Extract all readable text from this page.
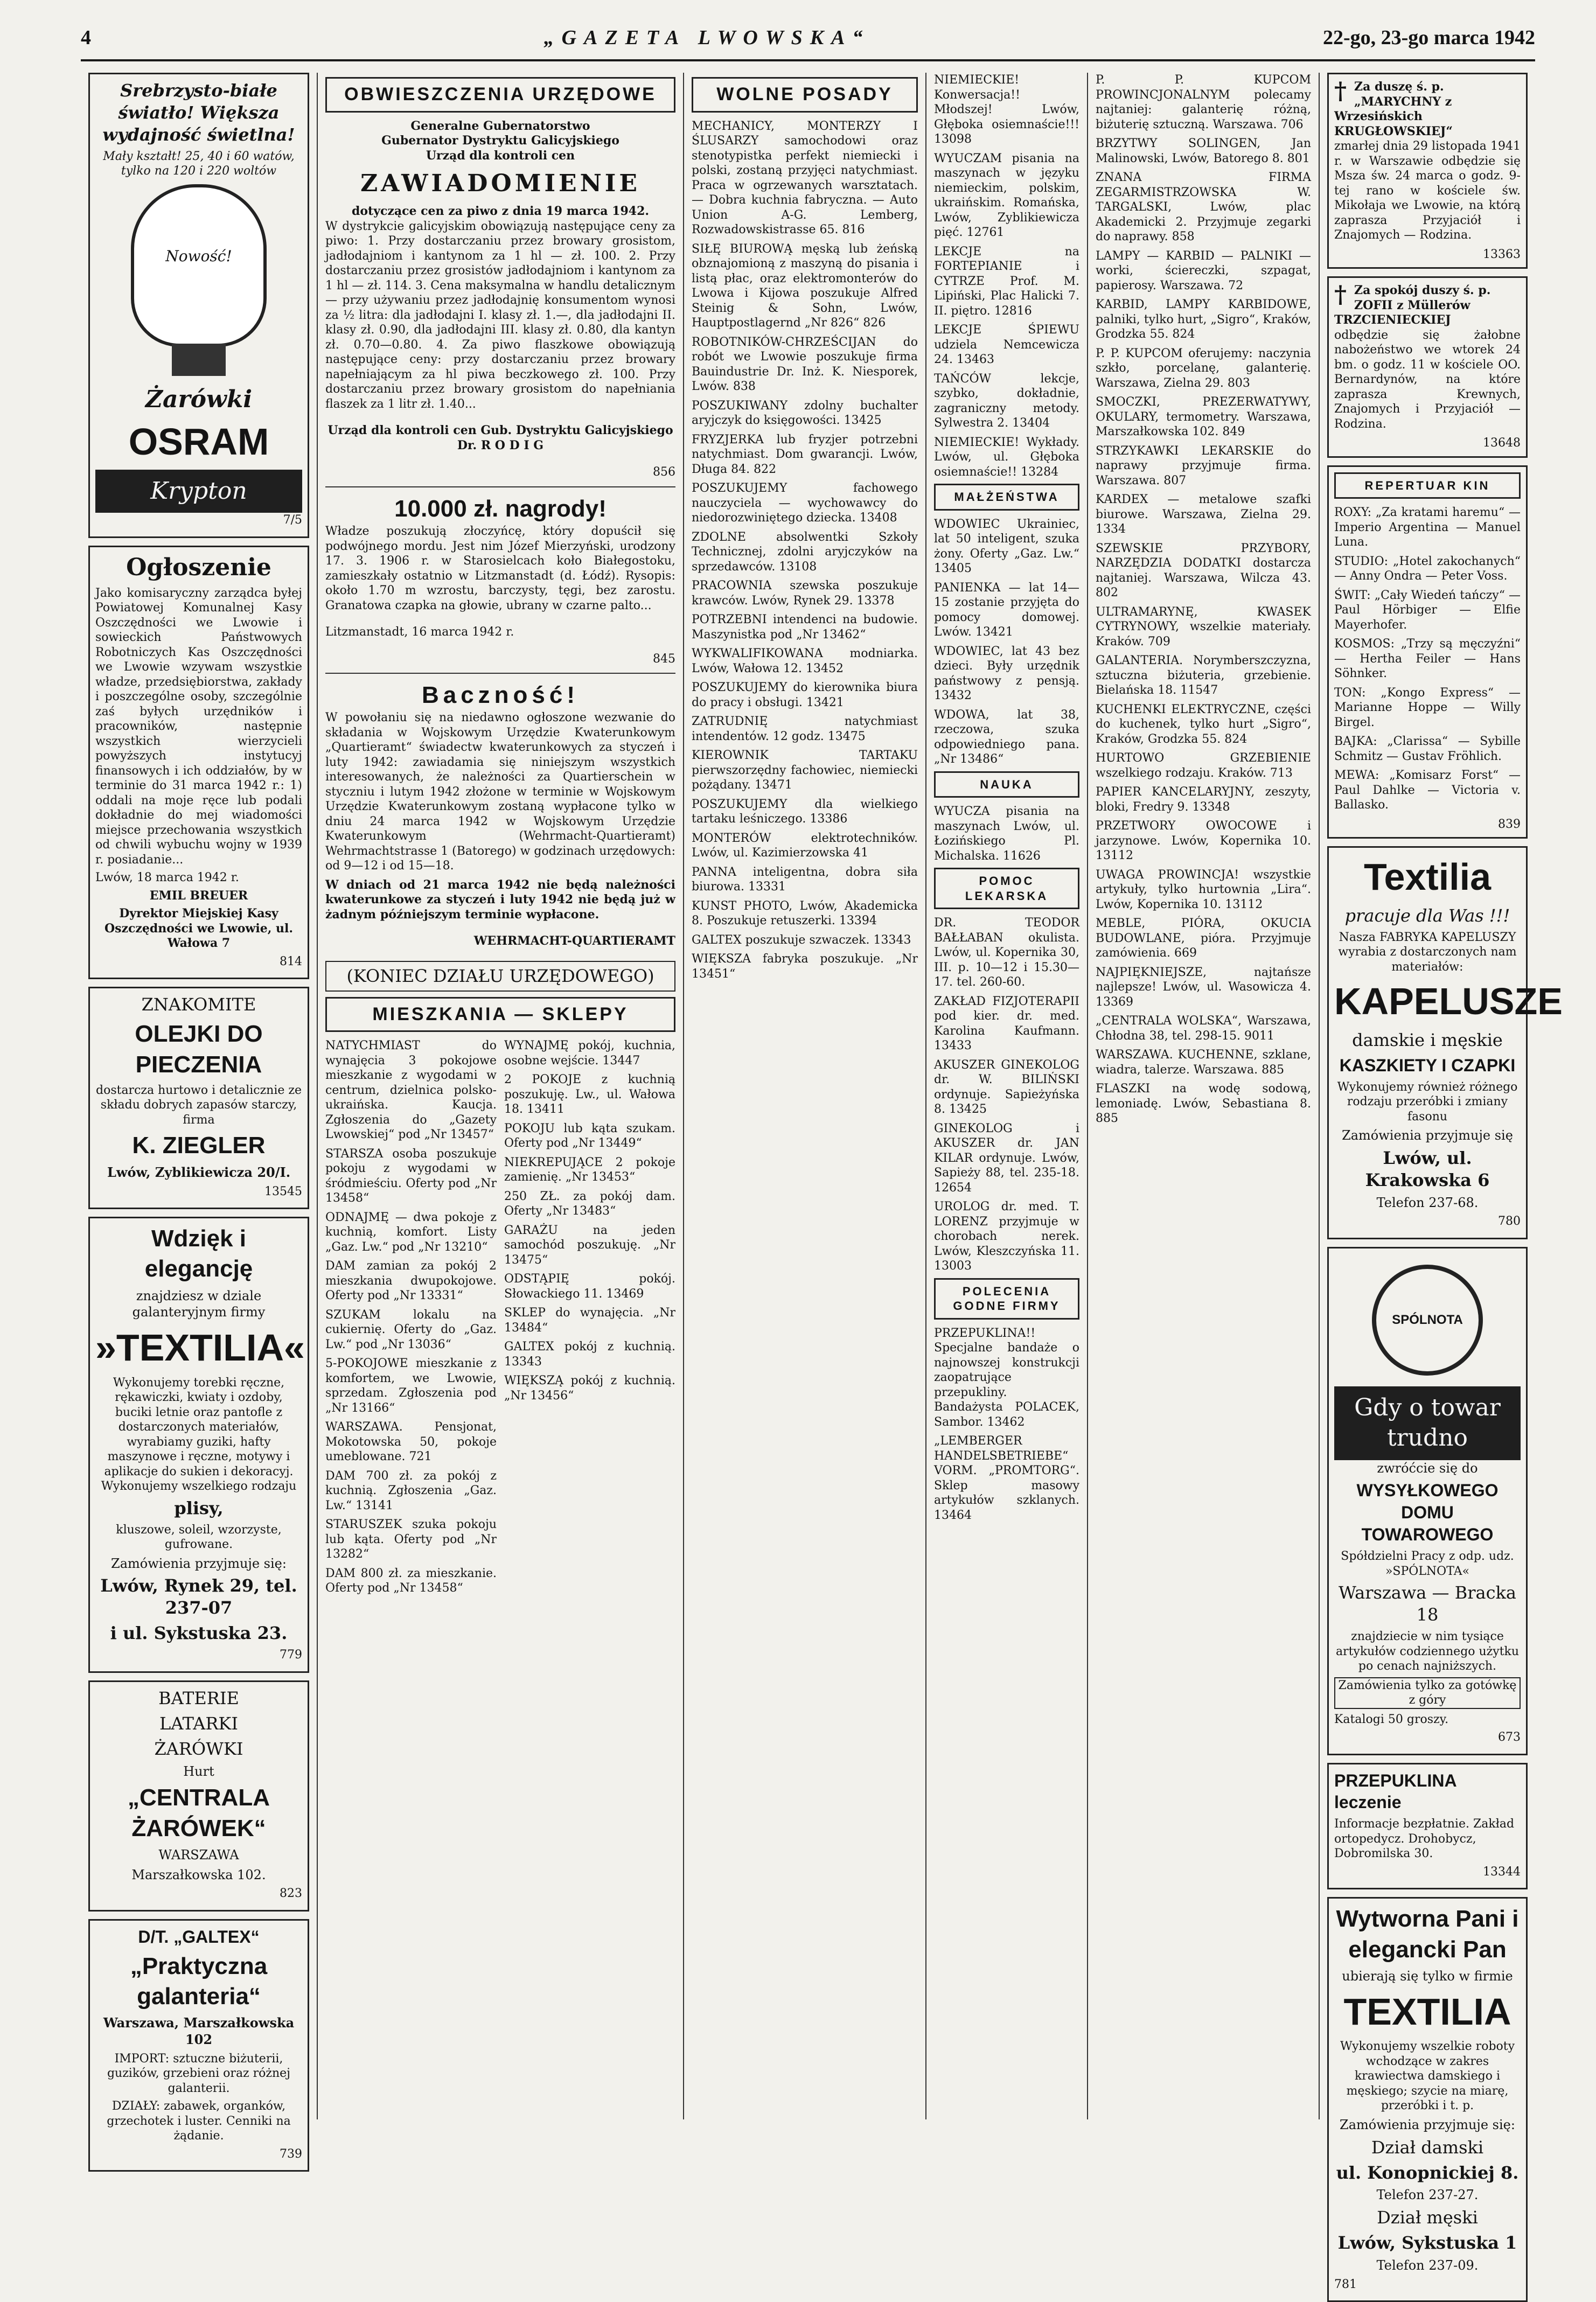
4	„GAZETA LWOWSKA“	22-go, 23-go marca 1942

Srebrzysto-białe światło! Większa wydajność świetlna!

Mały kształt! 25, 40 i 60 watów, tylko na 120 i 220 woltów

Nowość!

Żarówki

OSRAM

Krypton

7/5

Ogłoszenie

Jako komisaryczny zarządca byłej Powiatowej Komunalnej Kasy Oszczędności we Lwowie i sowieckich Państwowych Robotniczych Kas Oszczędności we Lwowie wzywam wszystkie władze, przedsiębiorstwa, zakłady i poszczególne osoby, szczególnie zaś byłych urzędników i pracowników, następnie wszystkich wierzycieli powyższych instytucyj finansowych i ich oddziałów, by w terminie do 31 marca 1942 r.: 1) oddali na moje ręce lub podali dokładnie do mej wiadomości miejsce przechowania wszystkich od chwili wybuchu wojny w 1939 r. posiadanie...

Lwów, 18 marca 1942 r.

EMIL BREUER

Dyrektor Miejskiej Kasy Oszczędności we Lwowie, ul. Wałowa 7

814

ZNAKOMITE

OLEJKI DO PIECZENIA

dostarcza hurtowo i detalicznie ze składu dobrych zapasów starczy, firma

K. ZIEGLER

Lwów, Zyblikiewicza 20/I.

13545

Wdzięk i elegancję

znajdziesz w dziale galanteryjnym firmy

»TEXTILIA«

Wykonujemy torebki ręczne, rękawiczki, kwiaty i ozdoby, buciki letnie oraz pantofle z dostarczonych materiałów, wyrabiamy guziki, hafty maszynowe i ręczne, motywy i aplikacje do sukien i dekoracyj. Wykonujemy wszelkiego rodzaju

plisy,

kluszowe, soleil, wzorzyste, gufrowane.

Zamówienia przyjmuje się:

Lwów, Rynek 29, tel. 237-07

i ul. Sykstuska 23.

779

BATERIE

LATARKI

ŻARÓWKI

Hurt

„CENTRALA ŻARÓWEK“

WARSZAWA

Marszałkowska 102.

823

D/T. „GALTEX“

„Praktyczna galanteria“

Warszawa, Marszałkowska 102

IMPORT: sztuczne biżuterii, guzików, grzebieni oraz różnej galanterii.

DZIAŁY: zabawek, organków, grzechotek i luster. Cenniki na żądanie.

739

OBWIESZCZENIA URZĘDOWE
Generalne Gubernatorstwo
Gubernator Dystryktu Galicyjskiego
Urząd dla kontroli cen
ZAWIADOMIENIE
dotyczące cen za piwo z dnia 19 marca 1942.

W dystrykcie galicyjskim obowiązują następujące ceny za piwo: 1. Przy dostarczaniu przez browary grosistom, jadłodajniom i kantynom za 1 hl — zł. 100. 2. Przy dostarczaniu przez grosistów jadłodajniom i kantynom za 1 hl — zł. 114. 3. Cena maksymalna w handlu detalicznym — przy używaniu przez jadłodajnię konsumentom wynosi za ½ litra: dla jadłodajni I. klasy zł. 1.—, dla jadłodajni II. klasy zł. 0.90, dla jadłodajni III. klasy zł. 0.80, dla kantyn zł. 0.70—0.80. 4. Za piwo flaszkowe obowiązują następujące ceny: przy dostarczaniu przez browary napełniającym za hl piwa beczkowego zł. 100. Przy dostarczaniu przez browary grosistom do napełniania flaszek za 1 litr zł. 1.40...

Urząd dla kontroli cen Gub. Dystryktu Galicyjskiego Dr. R O D I G

856

10.000 zł. nagrody!

Władze poszukują złoczyńcę, który dopuścił się podwójnego mordu. Jest nim Józef Mierzyński, urodzony 17. 3. 1906 r. w Starosielcach koło Białegostoku, zamieszkały ostatnio w Litzmanstadt (d. Łódź). Rysopis: około 1.70 m wzrostu, barczysty, tęgi, bez zarostu. Granatowa czapka na głowie, ubrany w czarne palto...

Litzmanstadt, 16 marca 1942 r.

845

Baczność!

W powołaniu się na niedawno ogłoszone wezwanie do składania w Wojskowym Urzędzie Kwaterunkowym „Quartieramt“ świadectw kwaterunkowych za styczeń i luty 1942: zawiadamia się niniejszym wszystkich interesowanych, że należności za Quartierschein w styczniu i lutym 1942 złożone w terminie w Wojskowym Urzędzie Kwaterunkowym zostaną wypłacone tylko w dniu 24 marca 1942 w Wojskowym Urzędzie Kwaterunkowym (Wehrmacht-Quartieramt) Wehrmachtstrasse 1 (Batorego) w godzinach urzędowych: od 9—12 i od 15—18.

W dniach od 21 marca 1942 nie będą należności kwaterunkowe za styczeń i luty 1942 nie będą już w żadnym późniejszym terminie wypłacone.

WEHRMACHT-QUARTIERAMT

(KONIEC DZIAŁU URZĘDOWEGO)
MIESZKANIA — SKLEPY

NATYCHMIAST do wynajęcia 3 pokojowe mieszkanie z wygodami w centrum, dzielnica polsko-ukraińska. Kaucja. Zgłoszenia do „Gazety Lwowskiej“ pod „Nr 13457“

STARSZA osoba poszukuje pokoju z wygodami w śródmieściu. Oferty pod „Nr 13458“

ODNAJMĘ — dwa pokoje z kuchnią, komfort. Listy „Gaz. Lw.“ pod „Nr 13210“

DAM zamian za pokój 2 mieszkania dwupokojowe. Oferty pod „Nr 13331“

SZUKAM lokalu na cukiernię. Oferty do „Gaz. Lw.“ pod „Nr 13036“

5-POKOJOWE mieszkanie z komfortem, we Lwowie, sprzedam. Zgłoszenia pod „Nr 13166“

WARSZAWA. Pensjonat, Mokotowska 50, pokoje umeblowane. 721

DAM 700 zł. za pokój z kuchnią. Zgłoszenia „Gaz. Lw.“ 13141

STARUSZEK szuka pokoju lub kąta. Oferty pod „Nr 13282“

DAM 800 zł. za mieszkanie. Oferty pod „Nr 13458“

WYNAJMĘ pokój, kuchnia, osobne wejście. 13447

2 POKOJE z kuchnią poszukuję. Lw., ul. Wałowa 18. 13411

POKOJU lub kąta szukam. Oferty pod „Nr 13449“

NIEKREPUJĄCE 2 pokoje zamienię. „Nr 13453“

250 ZŁ. za pokój dam. Oferty „Nr 13483“

GARAŻU na jeden samochód poszukuję. „Nr 13475“

ODSTĄPIĘ pokój. Słowackiego 11. 13469

SKLEP do wynajęcia. „Nr 13484“

GALTEX pokój z kuchnią. 13343

WIĘKSZĄ pokój z kuchnią. „Nr 13456“

WOLNE POSADY

MECHANICY, MONTERZY I ŚLUSARZY samochodowi oraz stenotypistka perfekt niemiecki i polski, zostaną przyjęci natychmiast. Praca w ogrzewanych warsztatach. — Dobra kuchnia fabryczna. — Auto Union A-G. Lemberg, Rozwadowskistrasse 65. 816

SIŁĘ BIUROWĄ męską lub żeńską obznajomioną z maszyną do pisania i listą płac, oraz elektromonterów do Lwowa i Kijowa poszukuje Alfred Steinig & Sohn, Lwów, Hauptpostlagernd „Nr 826“ 826

ROBOTNIKÓW-CHRZEŚCIJAN do robót we Lwowie poszukuje firma Bauindustrie Dr. Inż. K. Niesporek, Lwów. 838

POSZUKIWANY zdolny buchalter aryjczyk do księgowości. 13425

FRYZJERKA lub fryzjer potrzebni natychmiast. Dom gwarancji. Lwów, Długa 84. 822

POSZUKUJEMY fachowego nauczyciela — wychowawcy do niedorozwiniętego dziecka. 13408

ZDOLNE absolwentki Szkoły Technicznej, zdolni aryjczyków na sprzedawców. 13108

PRACOWNIA szewska poszukuje krawców. Lwów, Rynek 29. 13378

POTRZEBNI intendenci na budowie. Maszynistka pod „Nr 13462“

WYKWALIFIKOWANA modniarka. Lwów, Wałowa 12. 13452

POSZUKUJEMY do kierownika biura do pracy i obsługi. 13421

ZATRUDNIĘ natychmiast intendentów. 12 godz. 13475

KIEROWNIK TARTAKU pierwszorzędny fachowiec, niemiecki pożądany. 13471

POSZUKUJEMY dla wielkiego tartaku leśniczego. 13386

MONTERÓW elektrotechników. Lwów, ul. Kazimierzowska 41

PANNA inteligentna, dobra siła biurowa. 13331

KUNST PHOTO, Lwów, Akademicka 8. Poszukuje retuszerki. 13394

GALTEX poszukuje szwaczek. 13343

WIĘKSZA fabryka poszukuje. „Nr 13451“

NIEMIECKIE! Konwersacja!! Młodszej! Lwów, Głęboka osiemnaście!!! 13098

WYUCZAM pisania na maszynach w języku niemieckim, polskim, ukraińskim. Romańska, Lwów, Zyblikiewicza pięć. 12761

LEKCJE na FORTEPIANIE i CYTRZE Prof. M. Lipiński, Plac Halicki 7. II. piętro. 12816

LEKCJE ŚPIEWU udziela Nemcewicza 24. 13463

TAŃCÓW lekcje, szybko, dokładnie, zagraniczny metody. Sylwestra 2. 13404

NIEMIECKIE! Wykłady. Lwów, ul. Głęboka osiemnaście!! 13284

MAŁŻEŃSTWA

WDOWIEC Ukrainiec, lat 50 inteligent, szuka żony. Oferty „Gaz. Lw.“ 13405

PANIENKA — lat 14—15 zostanie przyjęta do pomocy domowej. Lwów. 13421

WDOWIEC, lat 43 bez dzieci. Były urzędnik państwowy z pensją. 13432

WDOWA, lat 38, rzeczowa, szuka odpowiedniego pana. „Nr 13486“

NAUKA

WYUCZA pisania na maszynach Lwów, ul. Łozińskiego Pl. Michalska. 11626

POMOC LEKARSKA

DR. TEODOR BAŁŁABAN okulista. Lwów, ul. Kopernika 30, III. p. 10—12 i 15.30—17. tel. 260-60.

ZAKŁAD FIZJOTERAPII pod kier. dr. med. Karolina Kaufmann. 13433

AKUSZER GINEKOLOG dr. W. BILIŃSKI ordynuje. Sapieżyńska 8. 13425

GINEKOLOG i AKUSZER dr. JAN KILAR ordynuje. Lwów, Sapieży 88, tel. 235-18. 12654

UROLOG dr. med. T. LORENZ przyjmuje w chorobach nerek. Lwów, Kleszczyńska 11. 13003

POLECENIA GODNE FIRMY

PRZEPUKLINA!! Specjalne bandaże o najnowszej konstrukcji zaopatrujące przepukliny. Bandażysta POLACEK, Sambor. 13462

„LEMBERGER HANDELSBETRIEBE“ VORM. „PROMTORG“. Sklep masowy artykułów szklanych. 13464

P. P. KUPCOM PROWINCJONALNYM polecamy najtaniej: galanterię różną, biżuterię sztuczną. Warszawa. 706

BRZYTWY SOLINGEN, Jan Malinowski, Lwów, Batorego 8. 801

ZNANA FIRMA ZEGARMISTRZOWSKA W. TARGALSKI, Lwów, plac Akademicki 2. Przyjmuje zegarki do naprawy. 858

LAMPY — KARBID — PALNIKI — worki, ściereczki, szpagat, papierosy. Warszawa. 72

KARBID, LAMPY KARBIDOWE, palniki, tylko hurt, „Sigro“, Kraków, Grodzka 55. 824

P. P. KUPCOM oferujemy: naczynia szkło, porcelanę, galanterię. Warszawa, Zielna 29. 803

SMOCZKI, PREZERWATYWY, OKULARY, termometry. Warszawa, Marszałkowska 102. 849

STRZYKAWKI LEKARSKIE do naprawy przyjmuje firma. Warszawa. 807

KARDEX — metalowe szafki biurowe. Warszawa, Zielna 29. 1334

SZEWSKIE PRZYBORY, NARZĘDZIA DODATKI dostarcza najtaniej. Warszawa, Wilcza 43. 802

ULTRAMARYNĘ, KWASEK CYTRYNOWY, wszelkie materiały. Kraków. 709

GALANTERIA. Norymberszczyzna, sztuczna biżuteria, grzebienie. Bielańska 18. 11547

KUCHENKI ELEKTRYCZNE, części do kuchenek, tylko hurt „Sigro“, Kraków, Grodzka 55. 824

HURTOWO GRZEBIENIE wszelkiego rodzaju. Kraków. 713

PAPIER KANCELARYJNY, zeszyty, bloki, Fredry 9. 13348

PRZETWORY OWOCOWE i jarzynowe. Lwów, Kopernika 10. 13112

UWAGA PROWINCJA! wszystkie artykuły, tylko hurtownia „Lira“. Lwów, Kopernika 10. 13112

MEBLE, PIÓRA, OKUCIA BUDOWLANE, pióra. Przyjmuje zamówienia. 669

NAJPIĘKNIEJSZE, najtańsze najlepsze! Lwów, ul. Wasowicza 4. 13369

„CENTRALA WOLSKA“, Warszawa, Chłodna 38, tel. 298-15. 9011

WARSZAWA. KUCHENNE, szklane, wiadra, talerze. Warszawa. 885

FLASZKI na wodę sodową, lemoniadę. Lwów, Sebastiana 8. 885

† Za duszę ś. p. „MARYCHNY z Wrzesińskich KRUGŁOWSKIEJ“

zmarłej dnia 29 listopada 1941 r. w Warszawie odbędzie się Msza św. 24 marca o godz. 9-tej rano w kościele św. Mikołaja we Lwowie, na którą zaprasza Przyjaciół i Znajomych — Rodzina.

13363

† Za spokój duszy ś. p. ZOFII z Müllerów TRZCIENIECKIEJ

odbędzie się żałobne nabożeństwo we wtorek 24 bm. o godz. 11 w kościele OO. Bernardynów, na które zaprasza Krewnych, Znajomych i Przyjaciół — Rodzina.

13648

REPERTUAR KIN

ROXY: „Za kratami haremu“ — Imperio Argentina — Manuel Luna.

STUDIO: „Hotel zakochanych“ — Anny Ondra — Peter Voss.

ŚWIT: „Cały Wiedeń tańczy“ — Paul Hörbiger — Elfie Mayerhofer.

KOSMOS: „Trzy są męczyźni“ — Hertha Feiler — Hans Söhnker.

TON: „Kongo Express“ — Marianne Hoppe — Willy Birgel.

BAJKA: „Clarissa“ — Sybille Schmitz — Gustav Fröhlich.

MEWA: „Komisarz Forst“ — Paul Dahlke — Victoria v. Ballasko.

839

Textilia

pracuje dla Was !!!

Nasza FABRYKA KAPELUSZY wyrabia z dostarczonych nam materiałów:

KAPELUSZE

damskie i męskie

KASZKIETY I CZAPKI

Wykonujemy również różnego rodzaju przeróbki i zmiany fasonu

Zamówienia przyjmuje się

Lwów, ul. Krakowska 6

Telefon 237-68.

780

SPÓLNOTA
Gdy o towar trudno

zwróćcie się do

WYSYŁKOWEGO DOMU TOWAROWEGO

Spółdzielni Pracy z odp. udz. »SPÓLNOTA«

Warszawa — Bracka 18

znajdziecie w nim tysiące artykułów codziennego użytku po cenach najniższych.

Zamówienia tylko za gotówkę z góry

Katalogi 50 groszy.

673

PRZEPUKLINA leczenie

Informacje bezpłatnie. Zakład ortopedycz. Drohobycz, Dobromilska 30.

13344

Wytworna Pani i elegancki Pan

ubierają się tylko w firmie

TEXTILIA

Wykonujemy wszelkie roboty wchodzące w zakres krawiectwa damskiego i męskiego; szycie na miarę, przeróbki i t. p.

Zamówienia przyjmuje się:

Dział damski

ul. Konopnickiej 8.

Telefon 237-27.

Dział męski

Lwów, Sykstuska 1

Telefon 237-09.

781
